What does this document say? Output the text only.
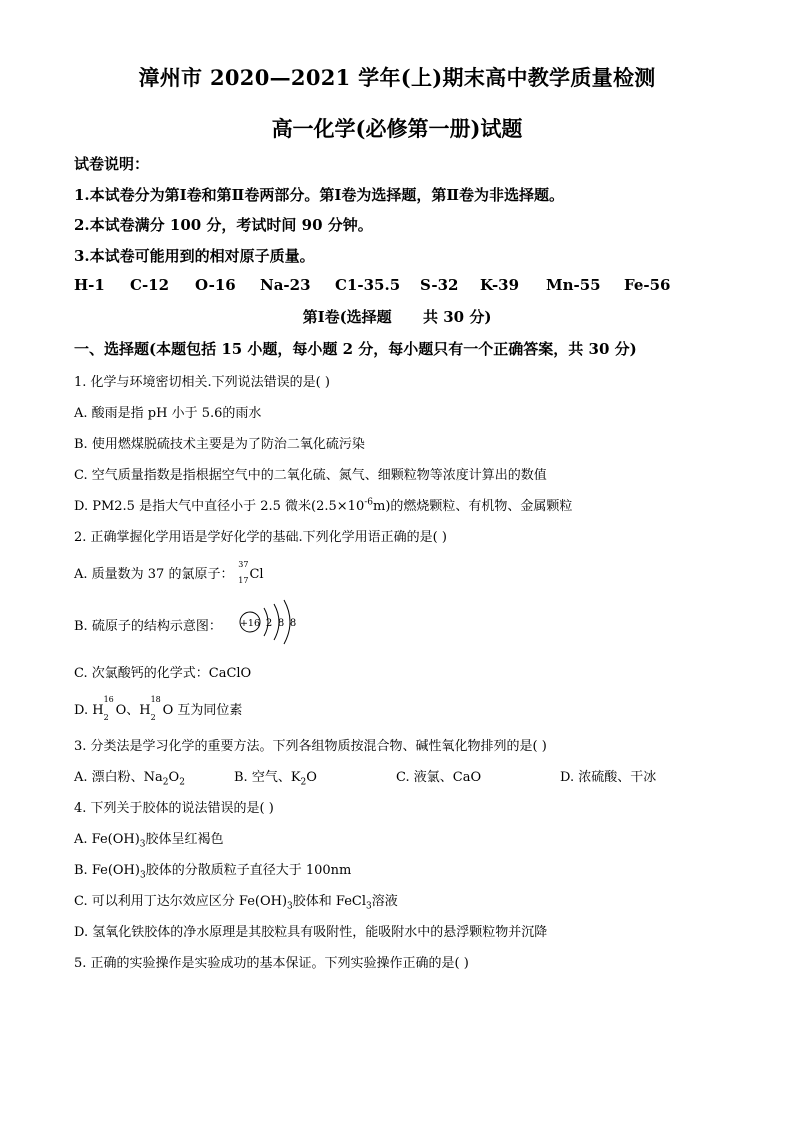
漳州市 2020—2021 学年(上)期末高中教学质量检测
高一化学(必修第一册)试题
试卷说明：
1.本试卷分为第Ⅰ卷和第Ⅱ卷两部分。第Ⅰ卷为选择题，第Ⅱ卷为非选择题。
2.本试卷满分 100 分，考试时间 90 分钟。
3.本试卷可能用到的相对原子质量。
H-1 C-12 O-16 Na-23 C1-35.5 S-32 K-39 Mn-55 Fe-56
第Ⅰ卷(选择题      共 30 分)
一、选择题(本题包括 15 小题，每小题 2 分，每小题只有一个正确答案，共 30 分)
1. 化学与环境密切相关.下列说法错误的是( )
A. 酸雨是指 pH 小于 5.6的雨水
B. 使用燃煤脱硫技术主要是为了防治二氧化硫污染
C. 空气质量指数是指根据空气中的二氧化硫、氮气、细颗粒物等浓度计算出的数值
D. PM2.5 是指大气中直径小于 2.5 微米$(2.5\times 10^{-6}m)$的燃烧颗粒、有机物、金属颗粒
2. 正确掌握化学用语是学好化学的基础.下列化学用语正确的是( )
A. 质量数为 37 的氯原子：
37
17 Cl
B. 硫原子的结构示意图： +16 2 8 8
C. 次氯酸钙的化学式：CaClO
D. H
16
2 O、H
18
2 O 互为同位素
3. 分类法是学习化学的重要方法。下列各组物质按混合物、碱性氧化物排列的是( )
A. 漂白粉、$Na_2O_2$	B. 空气、$K_2O$	C. 液氯、CaO	D. 浓硫酸、干冰
4. 下列关于胶体的说法错误的是( )
A. $Fe(OH)_3$胶体呈红褐色
B. $Fe(OH)_3$胶体的分散质粒子直径大于 100nm
C. 可以利用丁达尔效应区分 $Fe(OH)_3$胶体和 FeCl$_3$溶液
D. 氢氧化铁胶体的净水原理是其胶粒具有吸附性，能吸附水中的悬浮颗粒物并沉降
5. 正确的实验操作是实验成功的基本保证。下列实验操作正确的是( )
